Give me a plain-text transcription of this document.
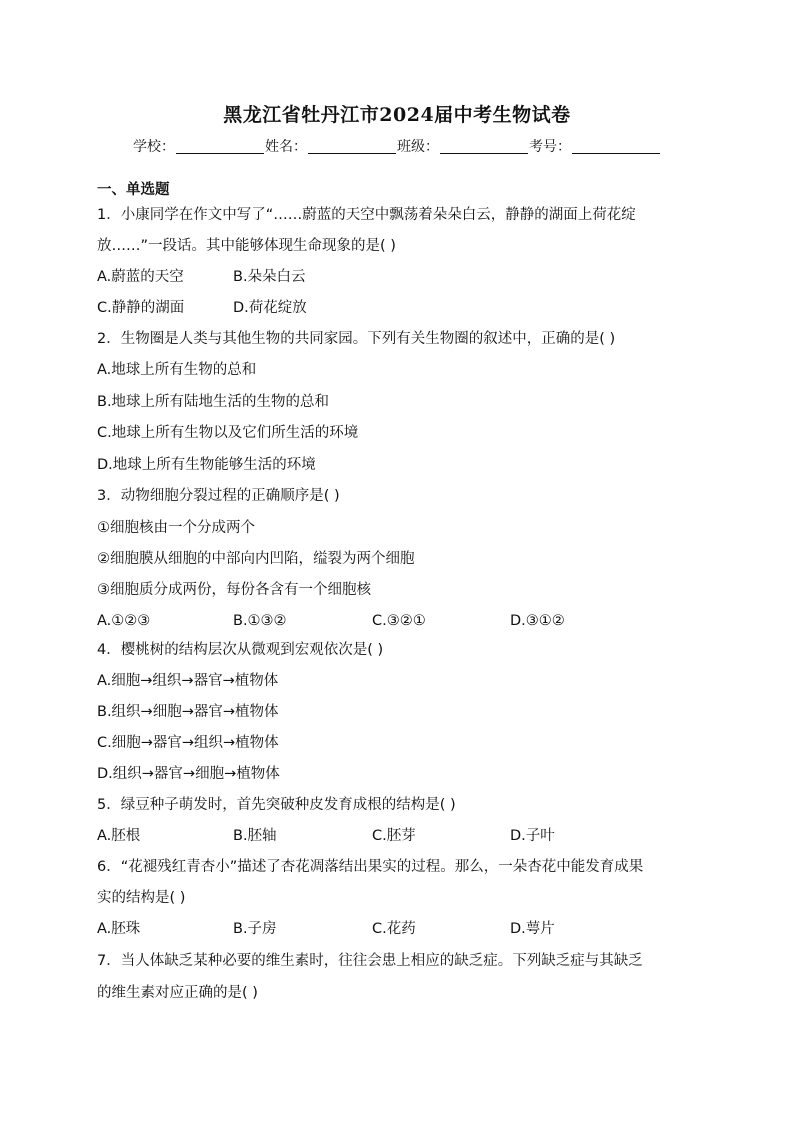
黑龙江省牡丹江市2024届中考生物试卷
学校：	姓名：	班级：	考号：
一、单选题
1．小康同学在作文中写了“……蔚蓝的天空中飘荡着朵朵白云，静静的湖面上荷花绽
放……”一段话。其中能够体现生命现象的是( )
A.蔚蓝的天空	B.朵朵白云
C.静静的湖面	D.荷花绽放
2．生物圈是人类与其他生物的共同家园。下列有关生物圈的叙述中，正确的是( )
A.地球上所有生物的总和
B.地球上所有陆地生活的生物的总和
C.地球上所有生物以及它们所生活的环境
D.地球上所有生物能够生活的环境
3．动物细胞分裂过程的正确顺序是( )
①细胞核由一个分成两个
②细胞膜从细胞的中部向内凹陷，缢裂为两个细胞
③细胞质分成两份，每份各含有一个细胞核
A.①②③	B.①③②	C.③②①	D.③①②
4．樱桃树的结构层次从微观到宏观依次是( )
A.细胞→组织→器官→植物体
B.组织→细胞→器官→植物体
C.细胞→器官→组织→植物体
D.组织→器官→细胞→植物体
5．绿豆种子萌发时，首先突破种皮发育成根的结构是( )
A.胚根	B.胚轴	C.胚芽	D.子叶
6．“花褪残红青杏小”描述了杏花凋落结出果实的过程。那么，一朵杏花中能发育成果
实的结构是( )
A.胚珠	B.子房	C.花药	D.萼片
7．当人体缺乏某种必要的维生素时，往往会患上相应的缺乏症。下列缺乏症与其缺乏
的维生素对应正确的是( )
